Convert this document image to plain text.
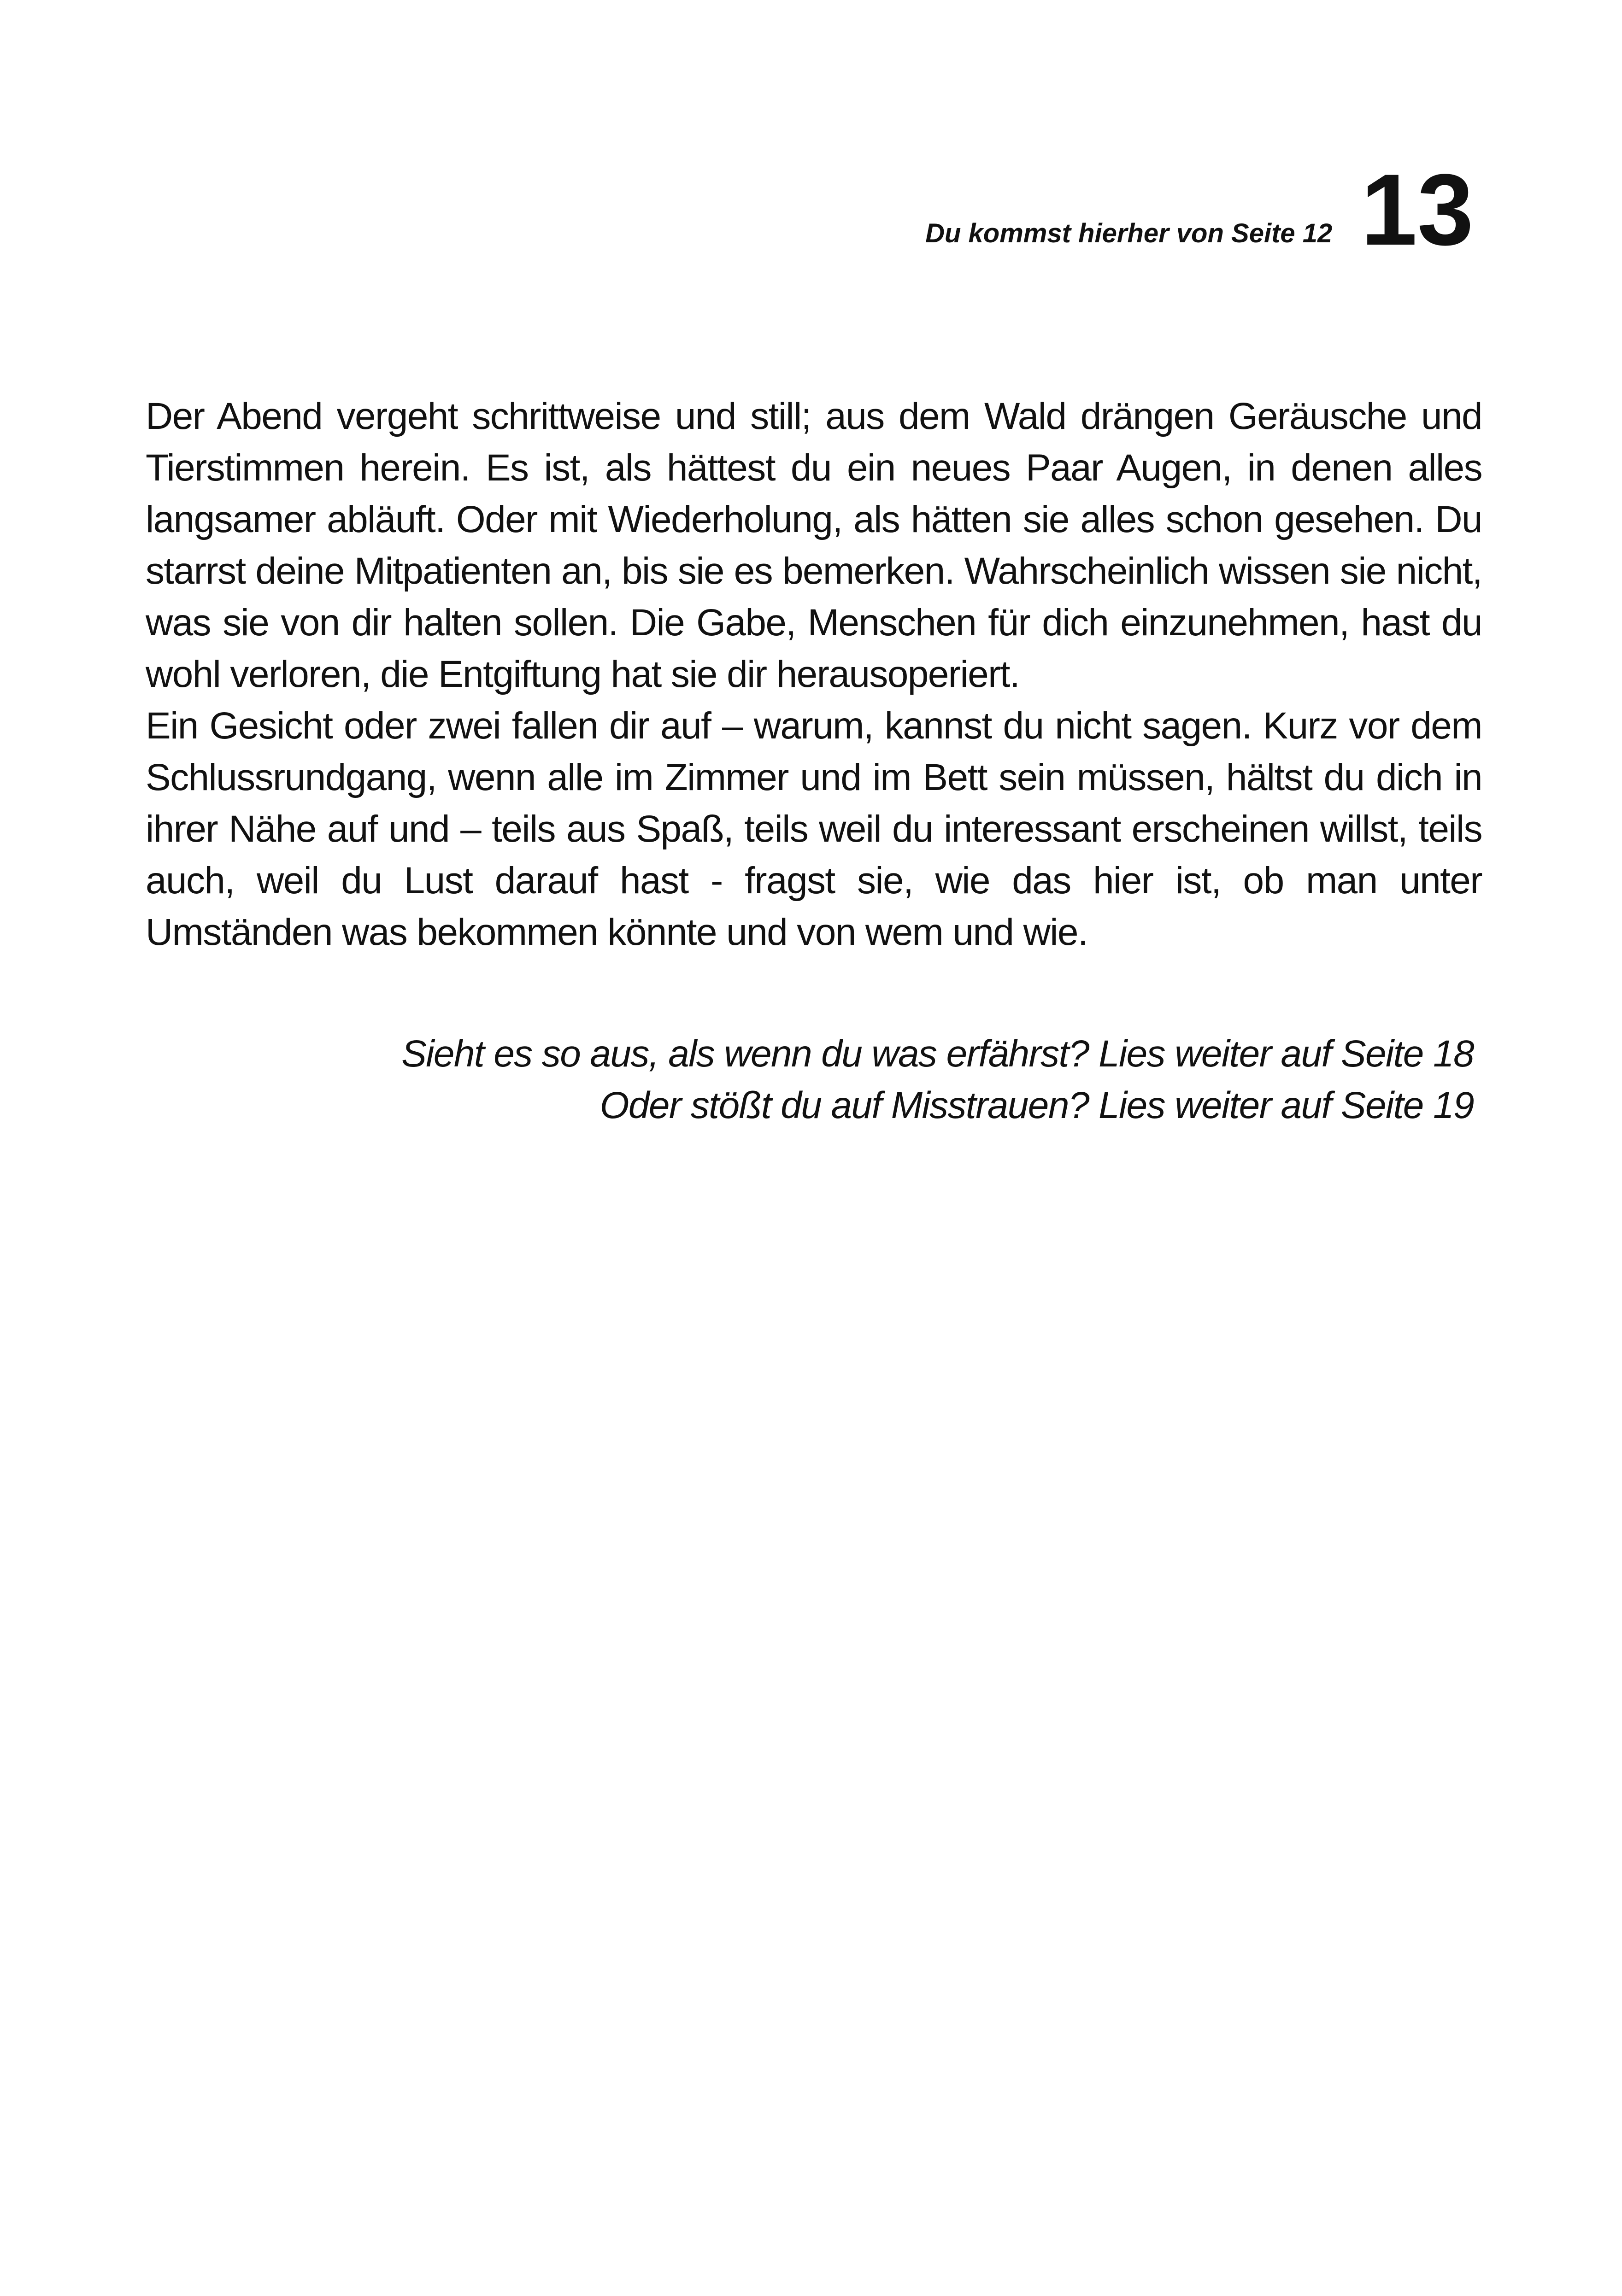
Du kommst hierher von Seite 12 13

Der Abend vergeht schrittweise und still; aus dem Wald drängen Geräusche und Tierstimmen herein. Es ist, als hättest du ein neues Paar Augen, in denen alles langsamer abläuft. Oder mit Wiederholung, als hätten sie alles schon gesehen. Du starrst deine Mitpatienten an, bis sie es bemerken. Wahrscheinlich wissen sie nicht, was sie von dir halten sollen. Die Gabe, Menschen für dich einzunehmen, hast du wohl verloren, die Entgiftung hat sie dir herausoperiert.

Ein Gesicht oder zwei fallen dir auf – warum, kannst du nicht sagen. Kurz vor dem Schlussrundgang, wenn alle im Zimmer und im Bett sein müssen, hältst du dich in ihrer Nähe auf und – teils aus Spaß, teils weil du interessant erscheinen willst, teils auch, weil du Lust darauf hast - fragst sie, wie das hier ist, ob man unter Umständen was bekommen könnte und von wem und wie.

Sieht es so aus, als wenn du was erfährst? Lies weiter auf Seite 18
Oder stößt du auf Misstrauen? Lies weiter auf Seite 19
